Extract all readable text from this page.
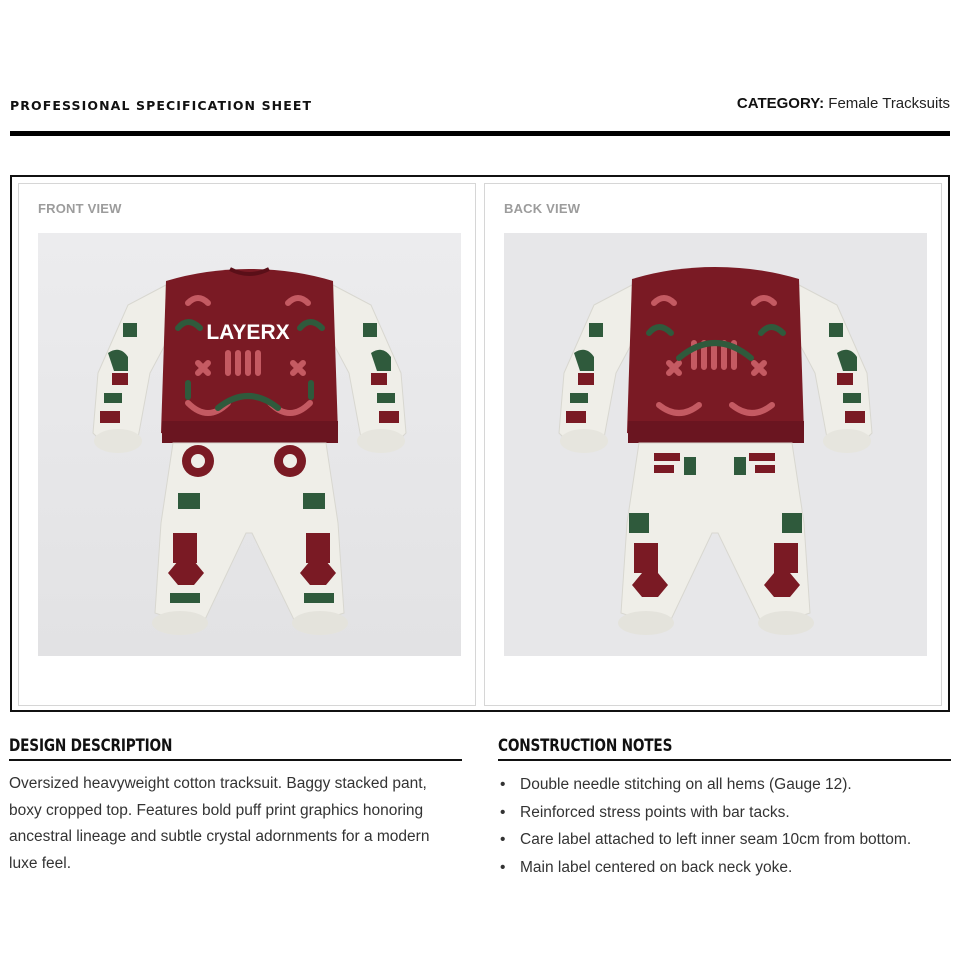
PROFESSIONAL SPECIFICATION SHEET	CATEGORY: Female Tracksuits
FRONT VIEW
LAYERX
BACK VIEW
DESIGN DESCRIPTION

Oversized heavyweight cotton tracksuit. Baggy stacked pant, boxy cropped top. Features bold puff print graphics honoring ancestral lineage and subtle crystal adornments for a modern luxe feel.

CONSTRUCTION NOTES
• Double needle stitching on all hems (Gauge 12).
• Reinforced stress points with bar tacks.
• Care label attached to left inner seam 10cm from bottom.
• Main label centered on back neck yoke.
